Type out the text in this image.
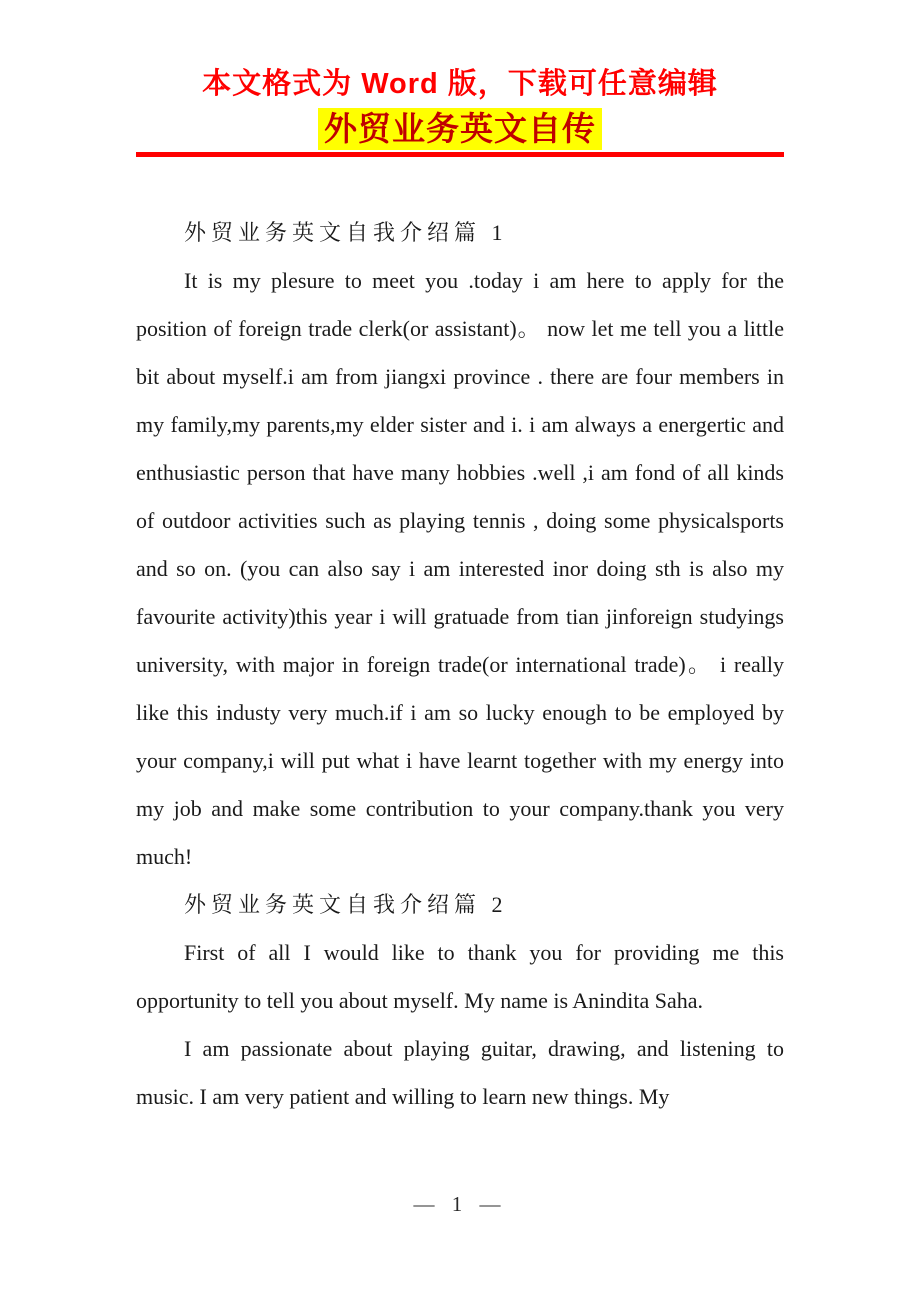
本文格式为 Word 版，下载可任意编辑
外贸业务英文自传

外贸业务英文自我介绍篇 1

It is my plesure to meet you .today i am here to apply for the position of foreign trade clerk(or assistant)。 now let me tell you a little bit about myself.i am from jiangxi province . there are four members in my family,my parents,my elder sister and i. i am always a energertic and enthusiastic person that have many hobbies .well ,i am fond of all kinds of outdoor activities such as playing tennis , doing some physicalsports and so on. (you can also say i am interested inor doing sth is also my favourite activity)this year i will gratuade from tian jinforeign studyings university, with major in foreign trade(or international trade)。 i really like this industy very much.if i am so lucky enough to be employed by your company,i will put what i have learnt together with my energy into my job and make some contribution to your company.thank you very much!

外贸业务英文自我介绍篇 2

First of all I would like to thank you for providing me this opportunity to tell you about myself. My name is Anindita Saha.

I am passionate about playing guitar, drawing, and listening to music. I am very patient and willing to learn new things. My

— 1 —
